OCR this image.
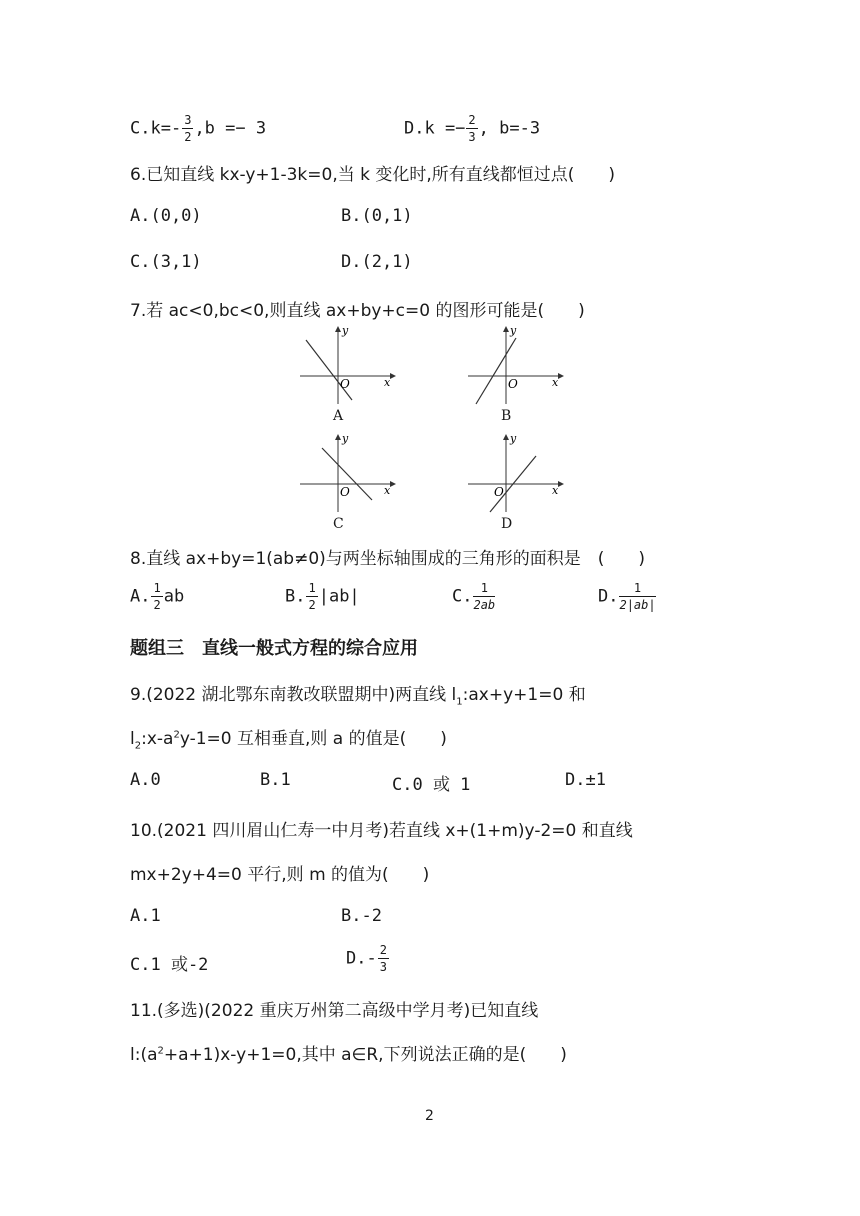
$C.k=- \frac{3}{2} ,b =- 3$	$D.k =- \frac{2}{3}$ , b=-3
6.已知直线 kx-y+1-3k=0,当 k 变化时,所有直线都恒过点(　　)
A.(0,0)	B.(0,1)
C.(3,1)	D.(2,1)
7.若 ac<0,bc<0,则直线 ax+by+c=0 的图形可能是(　　)
y
x
O
A
y
x
O
B
y
x
O
C
y
x
O
D
8.直线 ax+by=1(ab≠0)与两坐标轴围成的三角形的面积是　(　　)
A. $\frac{1}{2}$ ab	B. $\frac{1}{2} |ab|$	C. $\frac{1}{2ab}$	D. $\frac{1}{2|ab|}$
题组三　直线一般式方程的综合应用
9.(2022 湖北鄂东南教改联盟期中)两直线 $l_1:ax+y+1=0$ 和
$l_2:x-a^2y-1=0$ 互相垂直,则 a 的值是(　　)
A.0	B.1	C.0 或 1	D.±1
10.(2021 四川眉山仁寿一中月考)若直线 x+(1+m)y-2=0 和直线
mx+2y+4=0 平行,则 m 的值为(　　)
A.1	B.-2
C.1 或-2	$D.- \frac{2}{3}$
11.(多选)(2022 重庆万州第二高级中学月考)已知直线
$l:(a^2+a+1)x-y+1=0$,其中 a∈R,下列说法正确的是(　　)
2
